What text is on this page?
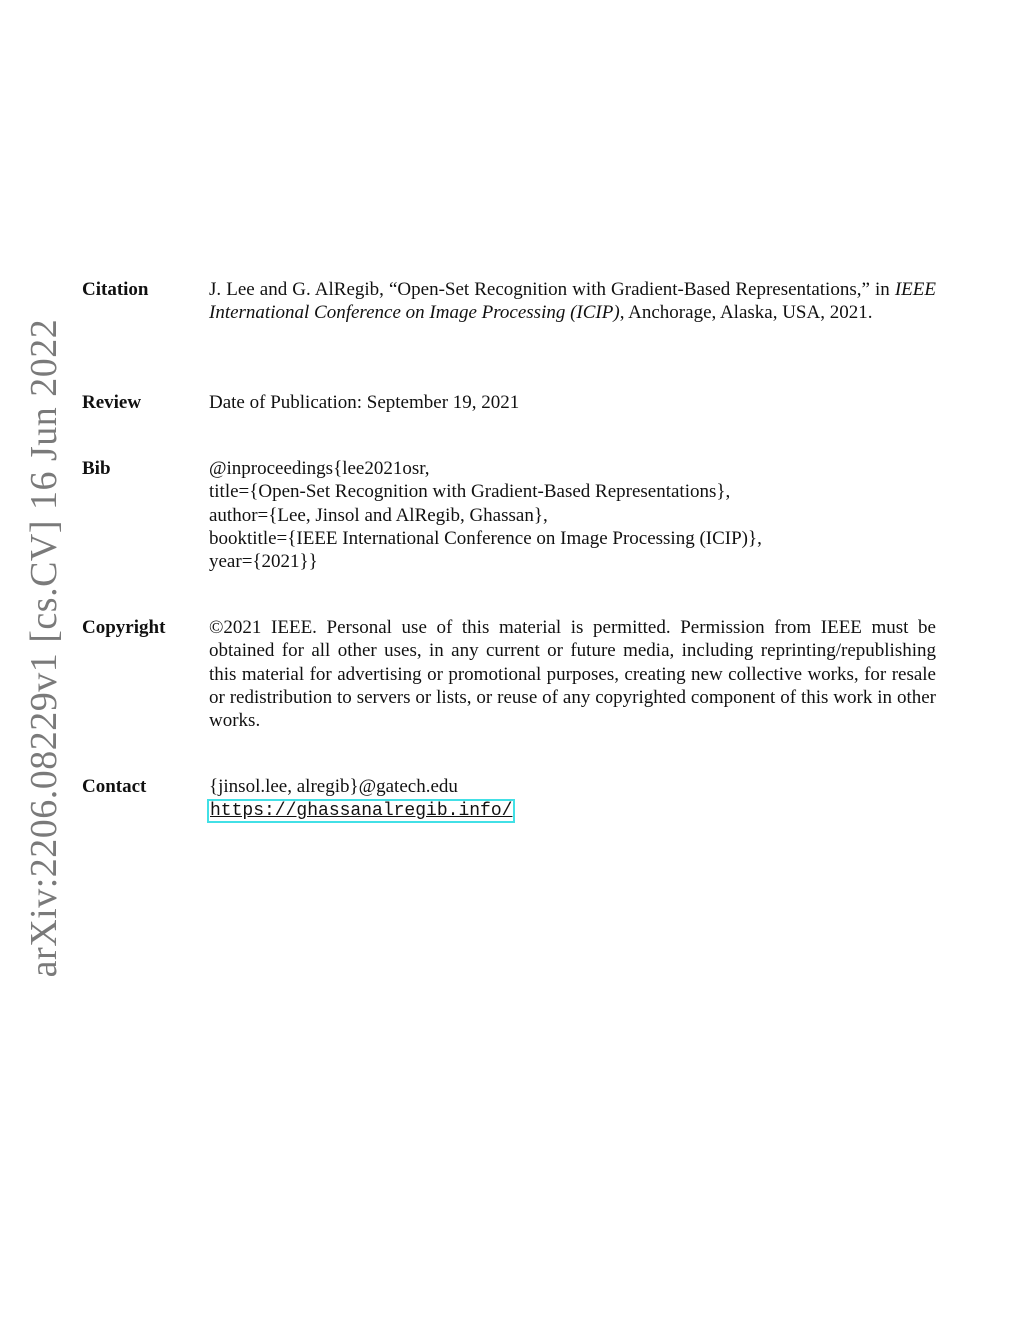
arXiv:2206.08229v1 [cs.CV] 16 Jun 2022
Citation	J. Lee and G. AlRegib, “Open-Set Recognition with Gradient-Based Representations,” in IEEE International Conference on Image Processing (ICIP), Anchorage, Alaska, USA, 2021.
Review	Date of Publication: September 19, 2021
Bib	@inproceedings{lee2021osr,
title={Open-Set Recognition with Gradient-Based Representations},
author={Lee, Jinsol and AlRegib, Ghassan},
booktitle={IEEE International Conference on Image Processing (ICIP)},
year={2021}}
Copyright ©2021 IEEE. Personal use of this material is permitted. Permission from IEEE must be obtained for all other uses, in any current or future media, including reprinting/republishing this material for advertising or promotional purposes, creating new collective works, for resale or redistribution to servers or lists, or reuse of any copyrighted component of this work in other works.
Contact	{jinsol.lee, alregib}@gatech.edu
https://ghassanalregib.info/
